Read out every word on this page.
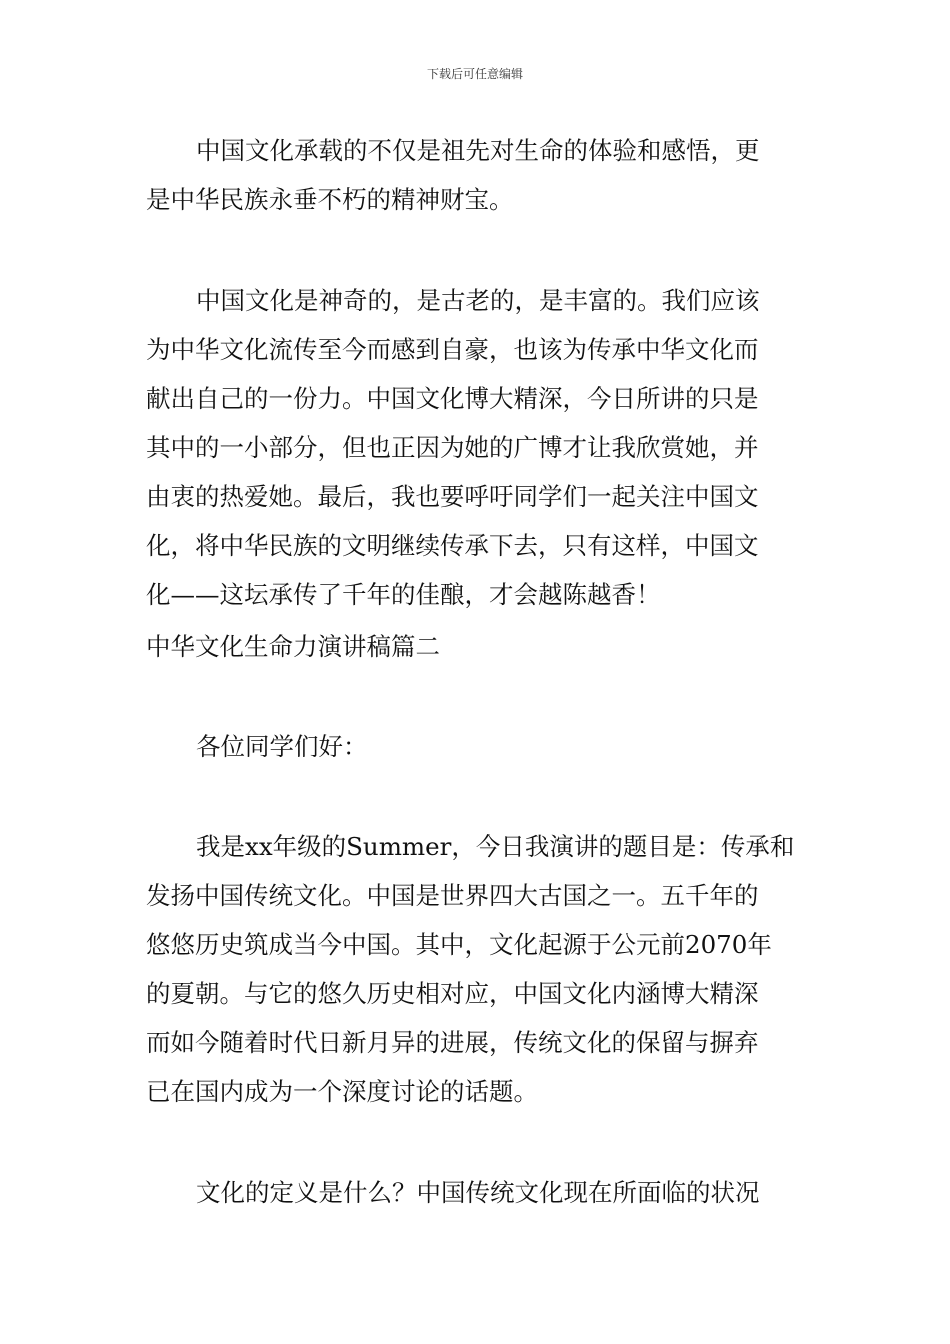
下载后可任意编辑
中国文化承载的不仅是祖先对生命的体验和感悟，更
是中华民族永垂不朽的精神财宝。
中国文化是神奇的，是古老的，是丰富的。我们应该
为中华文化流传至今而感到自豪，也该为传承中华文化而
献出自己的一份力。中国文化博大精深，今日所讲的只是
其中的一小部分，但也正因为她的广博才让我欣赏她，并
由衷的热爱她。最后，我也要呼吁同学们一起关注中国文
化，将中华民族的文明继续传承下去，只有这样，中国文
化——这坛承传了千年的佳酿，才会越陈越香！
中华文化生命力演讲稿篇二
各位同学们好：
我是xx年级的Summer，今日我演讲的题目是：传承和
发扬中国传统文化。中国是世界四大古国之一。五千年的
悠悠历史筑成当今中国。其中，文化起源于公元前2070年
的夏朝。与它的悠久历史相对应，中国文化内涵博大精深
而如今随着时代日新月异的进展，传统文化的保留与摒弃
已在国内成为一个深度讨论的话题。
文化的定义是什么？中国传统文化现在所面临的状况
